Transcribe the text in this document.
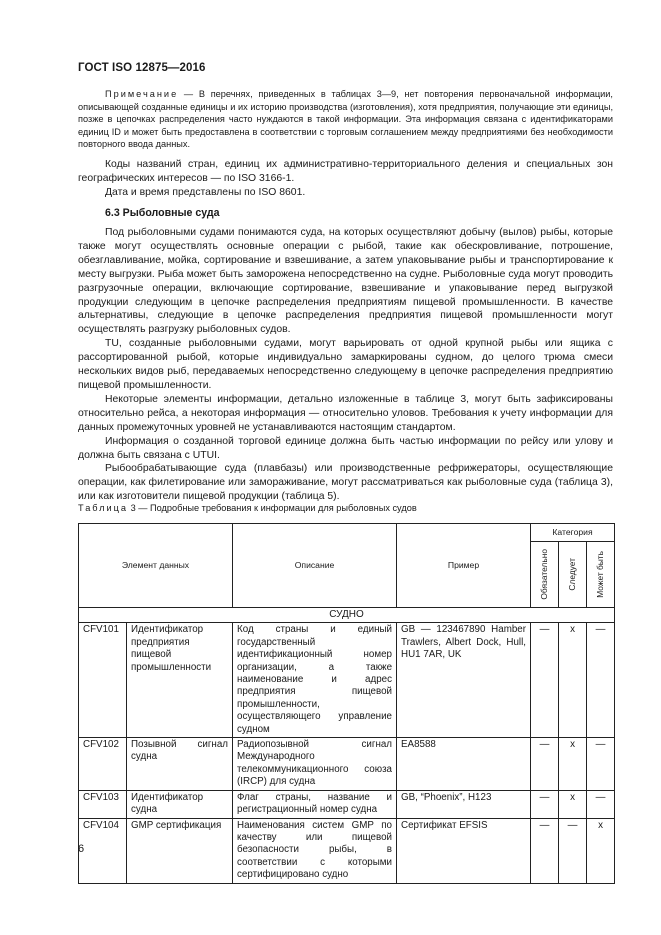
ГОСТ ISO 12875—2016

Примечание — В перечнях, приведенных в таблицах 3—9, нет повторения первоначальной информации, описывающей созданные единицы и их историю производства (изготовления), хотя предприятия, получающие эти единицы, позже в цепочках распределения часто нуждаются в такой информации. Эта информация связана с идентификаторами единиц ID и может быть предоставлена в соответствии с торговым соглашением между предприятиями без необходимости повторного ввода данных.

Коды названий стран, единиц их административно-территориального деления и специальных зон географических интересов — по ISO 3166-1.

Дата и время представлены по ISO 8601.

6.3 Рыболовные суда

Под рыболовными судами понимаются суда, на которых осуществляют добычу (вылов) рыбы, которые также могут осуществлять основные операции с рыбой, такие как обескровливание, потрошение, обезглавливание, мойка, сортирование и взвешивание, а затем упаковывание рыбы и транспортирование к месту выгрузки. Рыба может быть заморожена непосредственно на судне. Рыболовные суда могут проводить разгрузочные операции, включающие сортирование, взвешивание и упаковывание перед выгрузкой продукции следующим в цепочке распределения предприятиям пищевой промышленности. В качестве альтернативы, следующие в цепочке распределения предприятия пищевой промышленности могут осуществлять разгрузку рыболовных судов.

TU, созданные рыболовными судами, могут варьировать от одной крупной рыбы или ящика с рассортированной рыбой, которые индивидуально замаркированы судном, до целого трюма смеси нескольких видов рыб, передаваемых непосредственно следующему в цепочке распределения предприятию пищевой промышленности.

Некоторые элементы информации, детально изложенные в таблице 3, могут быть зафиксированы относительно рейса, а некоторая информация — относительно уловов. Требования к учету информации для данных промежуточных уровней не устанавливаются настоящим стандартом.

Информация о созданной торговой единице должна быть частью информации по рейсу или улову и должна быть связана с UTUI.

Рыбообрабатывающие суда (плавбазы) или производственные рефрижераторы, осуществляющие операции, как филетирование или замораживание, могут рассматриваться как рыболовные суда (таблица 3), или как изготовители пищевой продукции (таблица 5).

Таблица 3 — Подробные требования к информации для рыболовных судов

Элемент данных		Описание	Пример	Категория		

				Обязательно	Следует	Может быть

СУДНО						
CFV101	Идентификатор предприятия пищевой промышленности	Код страны и единый государственный идентификационный номер организации, а также наименование и адрес предприятия пищевой промышленности, осуществляющего управление судном	GB — 123467890 Hamber Trawlers, Albert Dock, Hull, HU1 7AR, UK	—	x	—
CFV102	Позывной сигнал судна	Радиопозывной сигнал Международного телекоммуникационного союза (IRCP) для судна	EA8588	—	x	—
CFV103	Идентификатор судна	Флаг страны, название и регистрационный номер судна	GB, “Phoenix”, H123	—	x	—
CFV104	GMP сертификация	Наименования систем GMP по качеству или пищевой безопасности рыбы, в соответствии с которыми сертифицировано судно	Сертификат EFSIS	—	—	x
6
